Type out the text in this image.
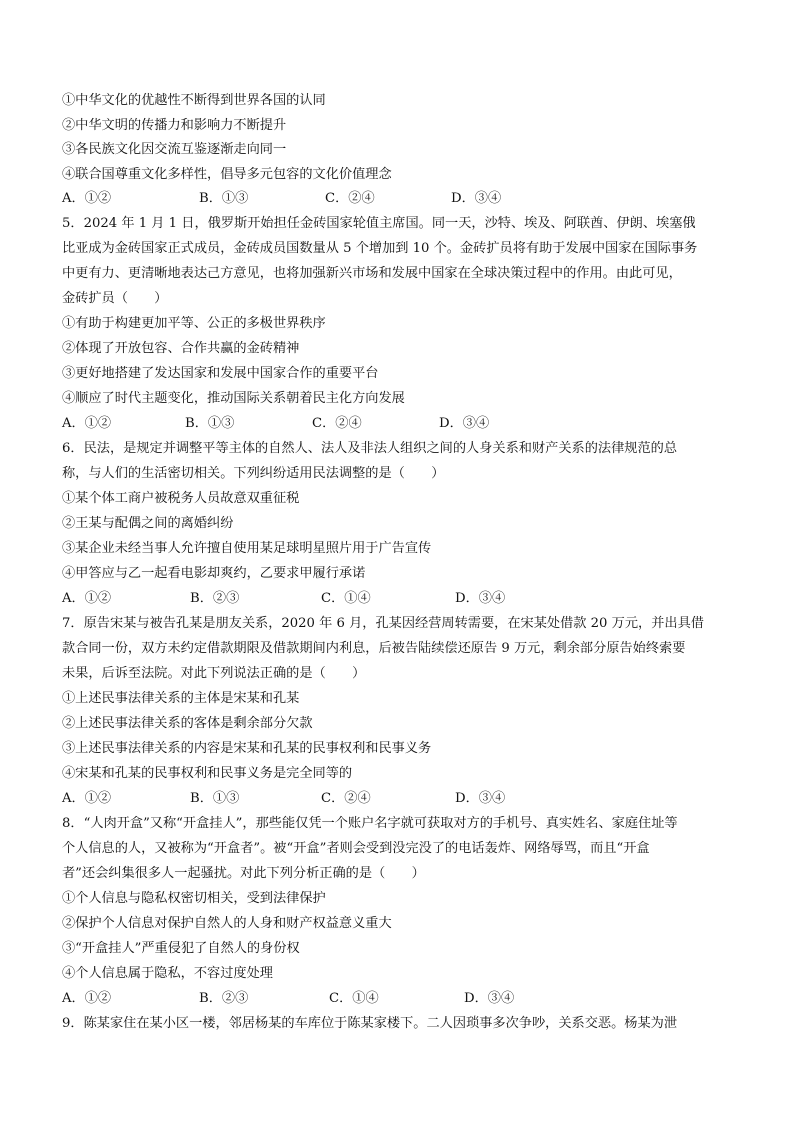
①中华文化的优越性不断得到世界各国的认同
②中华文明的传播力和影响力不断提升
③各民族文化因交流互鉴逐渐走向同一
④联合国尊重文化多样性，倡导多元包容的文化价值理念
A．①②	B．①③	C．②④	D．③④
5．2024 年 1 月 1 日，俄罗斯开始担任金砖国家轮值主席国。同一天，沙特、埃及、阿联酋、伊朗、埃塞俄
比亚成为金砖国家正式成员，金砖成员国数量从 5 个增加到 10 个。金砖扩员将有助于发展中国家在国际事务
中更有力、更清晰地表达己方意见，也将加强新兴市场和发展中国家在全球决策过程中的作用。由此可见，
金砖扩员（　　）
①有助于构建更加平等、公正的多极世界秩序
②体现了开放包容、合作共赢的金砖精神
③更好地搭建了发达国家和发展中国家合作的重要平台
④顺应了时代主题变化，推动国际关系朝着民主化方向发展
A．①②	B．①③	C．②④	D．③④
6．民法，是规定并调整平等主体的自然人、法人及非法人组织之间的人身关系和财产关系的法律规范的总
称，与人们的生活密切相关。下列纠纷适用民法调整的是（　　）
①某个体工商户被税务人员故意双重征税
②王某与配偶之间的离婚纠纷
③某企业未经当事人允许擅自使用某足球明星照片用于广告宣传
④甲答应与乙一起看电影却爽约，乙要求甲履行承诺
A．①②	B．②③	C．①④	D．③④
7．原告宋某与被告孔某是朋友关系，2020 年 6 月，孔某因经营周转需要，在宋某处借款 20 万元，并出具借
款合同一份，双方未约定借款期限及借款期间内利息，后被告陆续偿还原告 9 万元，剩余部分原告始终索要
未果，后诉至法院。对此下列说法正确的是（　　）
①上述民事法律关系的主体是宋某和孔某
②上述民事法律关系的客体是剩余部分欠款
③上述民事法律关系的内容是宋某和孔某的民事权利和民事义务
④宋某和孔某的民事权利和民事义务是完全同等的
A．①②	B．①③	C．②④	D．③④
8．“人肉开盒”又称“开盒挂人”，那些能仅凭一个账户名字就可获取对方的手机号、真实姓名、家庭住址等
个人信息的人，又被称为“开盒者”。被“开盒”者则会受到没完没了的电话轰炸、网络辱骂，而且“开盒
者”还会纠集很多人一起骚扰。对此下列分析正确的是（　　）
①个人信息与隐私权密切相关，受到法律保护
②保护个人信息对保护自然人的人身和财产权益意义重大
③“开盒挂人”严重侵犯了自然人的身份权
④个人信息属于隐私，不容过度处理
A．①②	B．②③	C．①④	D．③④
9．陈某家住在某小区一楼，邻居杨某的车库位于陈某家楼下。二人因琐事多次争吵，关系交恶。杨某为泄
